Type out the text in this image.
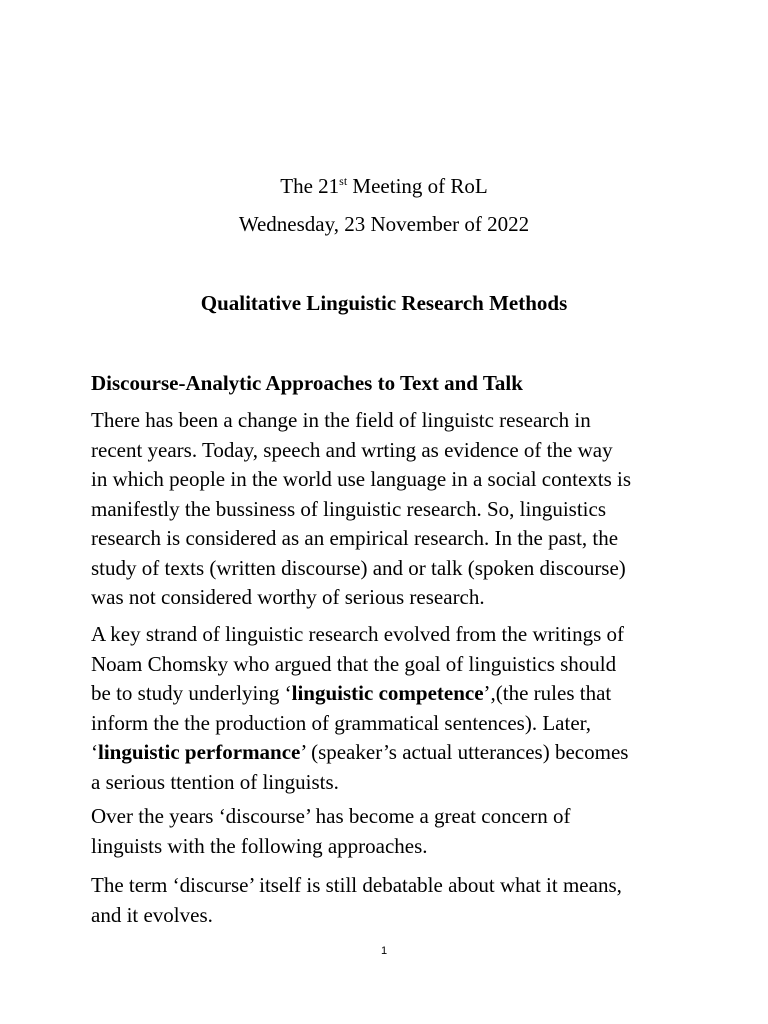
The 21st Meeting of RoL
Wednesday, 23 November of 2022
Qualitative Linguistic Research Methods
Discourse-Analytic Approaches to Text and Talk
There has been a change in the field of linguistc research in
recent years. Today, speech and wrting as evidence of the way
in which people in the world use language in a social contexts is
manifestly the bussiness of linguistic research. So, linguistics
research is considered as an empirical research. In the past, the
study of texts (written discourse) and or talk (spoken discourse)
was not considered worthy of serious research.
A key strand of linguistic research evolved from the writings of
Noam Chomsky who argued that the goal of linguistics should
be to study underlying ‘linguistic competence’,(the rules that
inform the the production of grammatical sentences). Later,
‘linguistic performance’ (speaker’s actual utterances) becomes
a serious ttention of linguists.
Over the years ‘discourse’ has become a great concern of
linguists with the following approaches.
The term ‘discurse’ itself is still debatable about what it means,
and it evolves.
1
